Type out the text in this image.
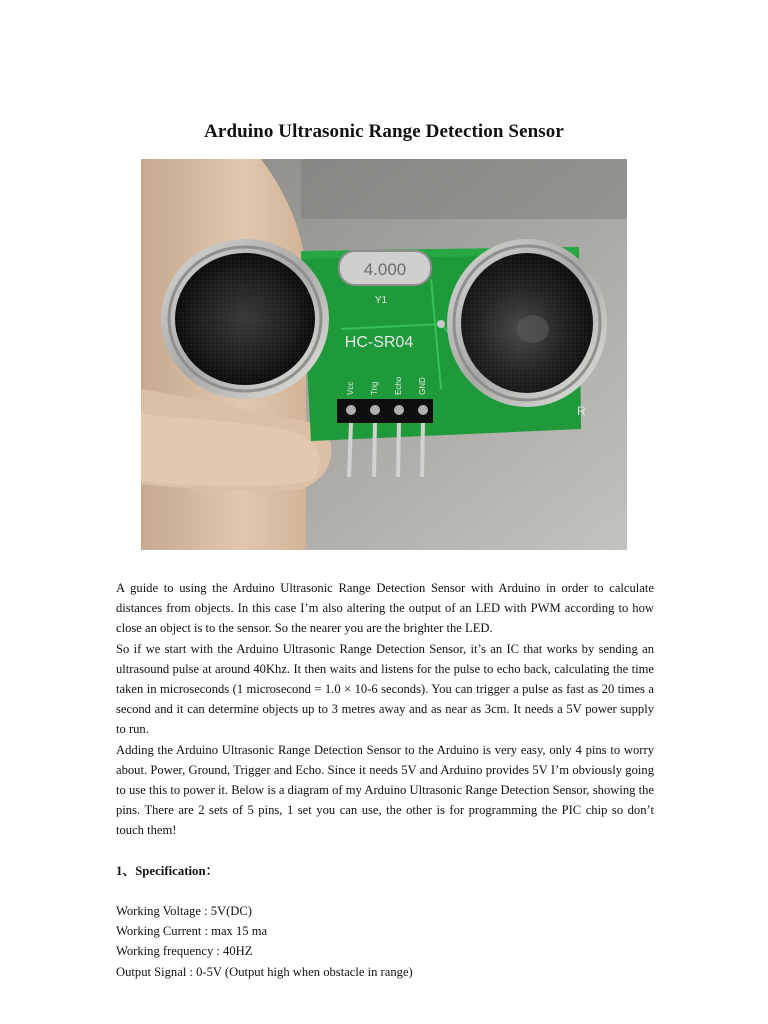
Arduino Ultrasonic Range Detection Sensor
4.000
Y1
HC-SR04
R
Vcc Trig Echo GND

A guide to using the Arduino Ultrasonic Range Detection Sensor with Arduino in order to calculate distances from objects. In this case I’m also altering the output of an LED with PWM according to how close an object is to the sensor. So the nearer you are the brighter the LED.

So if we start with the Arduino Ultrasonic Range Detection Sensor, it’s an IC that works by sending an ultrasound pulse at around 40Khz. It then waits and listens for the pulse to echo back, calculating the time taken in microseconds (1 microsecond = 1.0 × 10-6 seconds). You can trigger a pulse as fast as 20 times a second and it can determine objects up to 3 metres away and as near as 3cm. It needs a 5V power supply to run.

Adding the Arduino Ultrasonic Range Detection Sensor to the Arduino is very easy, only 4 pins to worry about. Power, Ground, Trigger and Echo. Since it needs 5V and Arduino provides 5V I’m obviously going to use this to power it. Below is a diagram of my Arduino Ultrasonic Range Detection Sensor, showing the pins. There are 2 sets of 5 pins, 1 set you can use, the other is for programming the PIC chip so don’t touch them!

1、Specification：
Working Voltage : 5V(DC)
Working Current : max 15 ma
Working frequency : 40HZ
Output Signal : 0-5V (Output high when obstacle in range)
